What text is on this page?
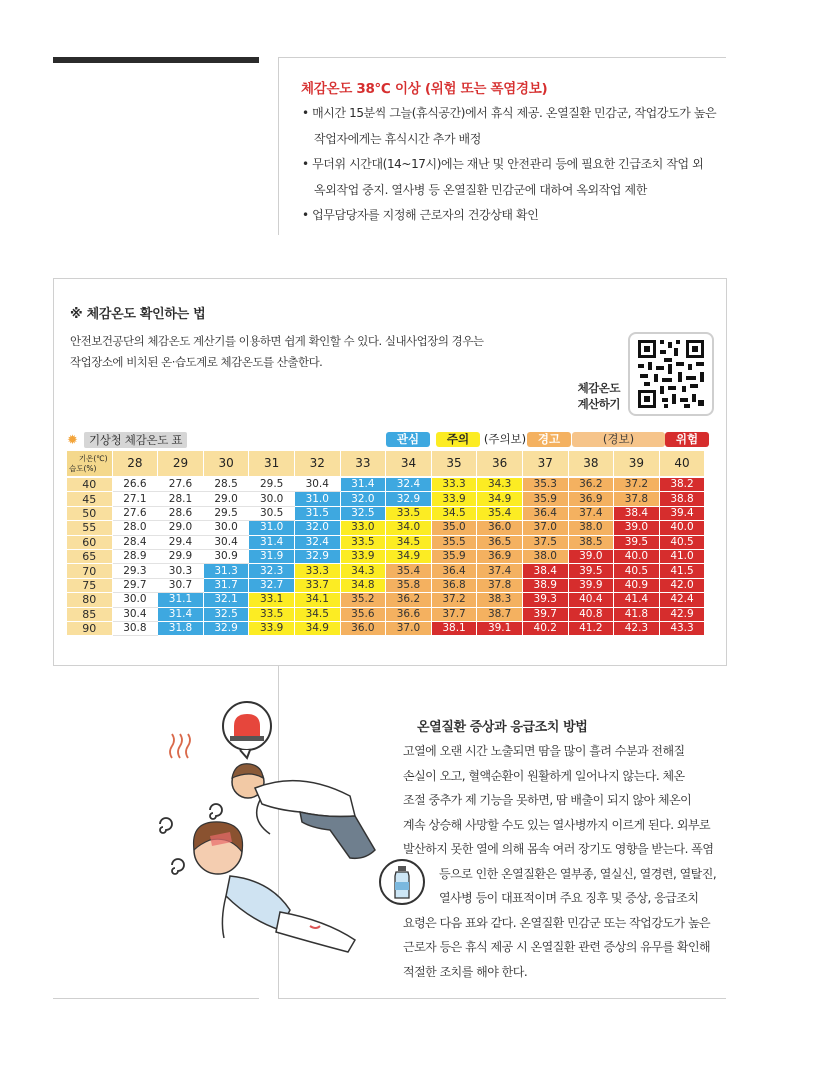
체감온도 38℃ 이상 (위험 또는 폭염경보)
• 매시간 15분씩 그늘(휴식공간)에서 휴식 제공. 온열질환 민감군, 작업강도가 높은
작업자에게는 휴식시간 추가 배정
• 무더위 시간대(14~17시)에는 재난 및 안전관리 등에 필요한 긴급조치 작업 외
옥외작업 중지. 열사병 등 온열질환 민감군에 대하여 옥외작업 제한
• 업무담당자를 지정해 근로자의 건강상태 확인
※ 체감온도 확인하는 법
안전보건공단의 체감온도 계산기를 이용하면 쉽게 확인할 수 있다. 실내사업장의 경우는
작업장소에 비치된 온·습도계로 체감온도를 산출한다.
체감온도
계산하기
✹ 기상청 체감온도 표	관심	주의	(주의보)	경고	(경보)	위험
기온(℃)
습도(%)	28	29	30	31	32	33	34	35	36	37	38	39	40
40	26.6	27.6	28.5	29.5	30.4	31.4	32.4	33.3	34.3	35.3	36.2	37.2	38.2
45	27.1	28.1	29.0	30.0	31.0	32.0	32.9	33.9	34.9	35.9	36.9	37.8	38.8
50	27.6	28.6	29.5	30.5	31.5	32.5	33.5	34.5	35.4	36.4	37.4	38.4	39.4
55	28.0	29.0	30.0	31.0	32.0	33.0	34.0	35.0	36.0	37.0	38.0	39.0	40.0
60	28.4	29.4	30.4	31.4	32.4	33.5	34.5	35.5	36.5	37.5	38.5	39.5	40.5
65	28.9	29.9	30.9	31.9	32.9	33.9	34.9	35.9	36.9	38.0	39.0	40.0	41.0
70	29.3	30.3	31.3	32.3	33.3	34.3	35.4	36.4	37.4	38.4	39.5	40.5	41.5
75	29.7	30.7	31.7	32.7	33.7	34.8	35.8	36.8	37.8	38.9	39.9	40.9	42.0
80	30.0	31.1	32.1	33.1	34.1	35.2	36.2	37.2	38.3	39.3	40.4	41.4	42.4
85	30.4	31.4	32.5	33.5	34.5	35.6	36.6	37.7	38.7	39.7	40.8	41.8	42.9
90	30.8	31.8	32.9	33.9	34.9	36.0	37.0	38.1	39.1	40.2	41.2	42.3	43.3
온열질환 증상과 응급조치 방법
고열에 오랜 시간 노출되면 땀을 많이 흘려 수분과 전해질
손실이 오고, 혈액순환이 원활하게 일어나지 않는다. 체온
조절 중추가 제 기능을 못하면, 땀 배출이 되지 않아 체온이
계속 상승해 사망할 수도 있는 열사병까지 이르게 된다. 외부로
발산하지 못한 열에 의해 몸속 여러 장기도 영향을 받는다. 폭염
등으로 인한 온열질환은 열부종, 열실신, 열경련, 열탈진,
열사병 등이 대표적이며 주요 징후 및 증상, 응급조치
요령은 다음 표와 같다. 온열질환 민감군 또는 작업강도가 높은
근로자 등은 휴식 제공 시 온열질환 관련 증상의 유무를 확인해
적절한 조치를 해야 한다.
